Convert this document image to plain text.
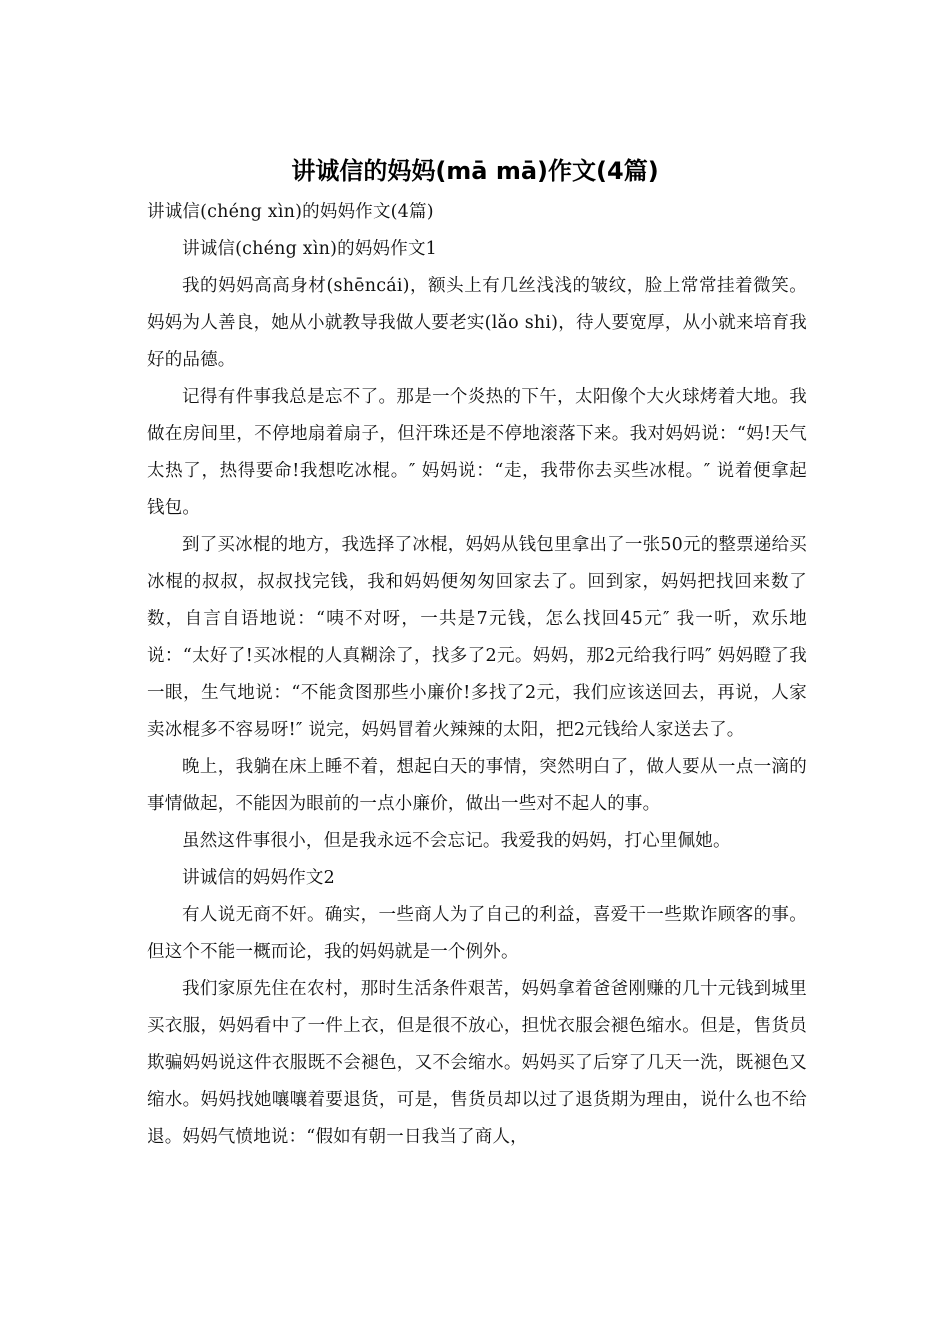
讲诚信的妈妈(mā mā)作文(4篇)

讲诚信(chéng xìn)的妈妈作文(4篇)

讲诚信(chéng xìn)的妈妈作文1

我的妈妈高高身材(shēncái)，额头上有几丝浅浅的皱纹，脸上常常挂着微笑。妈妈为人善良，她从小就教导我做人要老实(lǎo shi)，待人要宽厚，从小就来培育我好的品德。

记得有件事我总是忘不了。那是一个炎热的下午，太阳像个大火球烤着大地。我做在房间里，不停地扇着扇子，但汗珠还是不停地滚落下来。我对妈妈说：“妈!天气太热了，热得要命!我想吃冰棍。″ 妈妈说：“走，我带你去买些冰棍。″ 说着便拿起钱包。

到了买冰棍的地方，我选择了冰棍，妈妈从钱包里拿出了一张50元的整票递给买冰棍的叔叔，叔叔找完钱，我和妈妈便匆匆回家去了。回到家，妈妈把找回来数了数，自言自语地说：“咦不对呀，一共是7元钱，怎么找回45元″ 我一听，欢乐地说：“太好了!买冰棍的人真糊涂了，找多了2元。妈妈，那2元给我行吗″ 妈妈瞪了我一眼，生气地说：“不能贪图那些小廉价!多找了2元，我们应该送回去，再说，人家卖冰棍多不容易呀!″ 说完，妈妈冒着火辣辣的太阳，把2元钱给人家送去了。

晚上，我躺在床上睡不着，想起白天的事情，突然明白了，做人要从一点一滴的事情做起，不能因为眼前的一点小廉价，做出一些对不起人的事。

虽然这件事很小，但是我永远不会忘记。我爱我的妈妈，打心里佩她。

讲诚信的妈妈作文2

有人说无商不奸。确实，一些商人为了自己的利益，喜爱干一些欺诈顾客的事。但这个不能一概而论，我的妈妈就是一个例外。

我们家原先住在农村，那时生活条件艰苦，妈妈拿着爸爸刚赚的几十元钱到城里买衣服，妈妈看中了一件上衣，但是很不放心，担忧衣服会褪色缩水。但是，售货员欺骗妈妈说这件衣服既不会褪色，又不会缩水。妈妈买了后穿了几天一洗，既褪色又缩水。妈妈找她嚷嚷着要退货，可是，售货员却以过了退货期为理由，说什么也不给退。妈妈气愤地说：“假如有朝一日我当了商人，
